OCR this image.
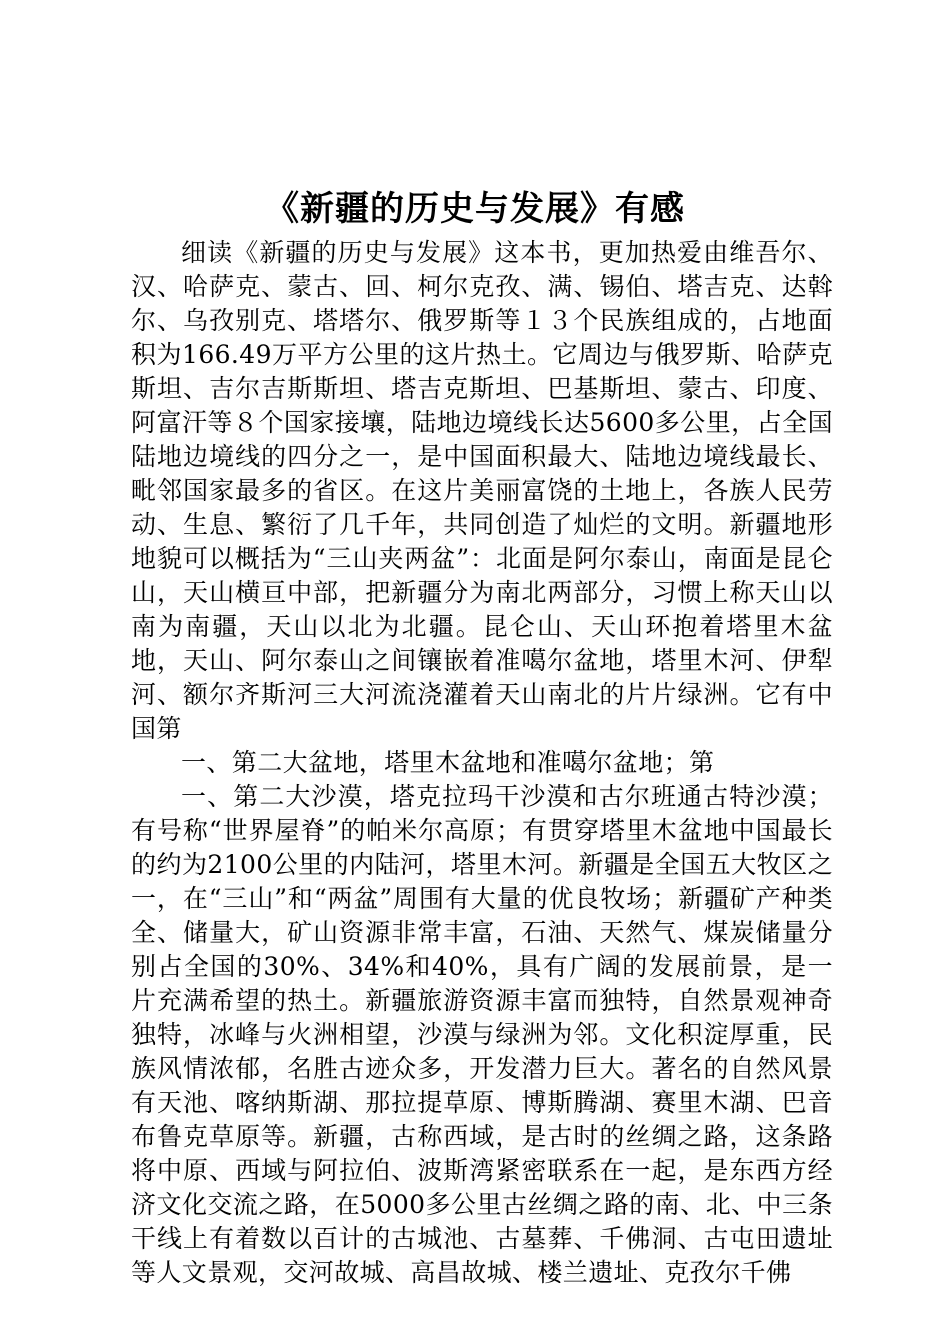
《新疆的历史与发展》有感

细读《新疆的历史与发展》这本书，更加热爱由维吾尔、汉、哈萨克、蒙古、回、柯尔克孜、满、锡伯、塔吉克、达斡尔、乌孜别克、塔塔尔、俄罗斯等１３个民族组成的，占地面积为166.49万平方公里的这片热土。它周边与俄罗斯、哈萨克斯坦、吉尔吉斯斯坦、塔吉克斯坦、巴基斯坦、蒙古、印度、阿富汗等８个国家接壤，陆地边境线长达5600多公里，占全国陆地边境线的四分之一，是中国面积最大、陆地边境线最长、毗邻国家最多的省区。在这片美丽富饶的土地上，各族人民劳动、生息、繁衍了几千年，共同创造了灿烂的文明。新疆地形地貌可以概括为“三山夹两盆”：北面是阿尔泰山，南面是昆仑山，天山横亘中部，把新疆分为南北两部分，习惯上称天山以南为南疆，天山以北为北疆。昆仑山、天山环抱着塔里木盆地，天山、阿尔泰山之间镶嵌着准噶尔盆地，塔里木河、伊犁河、额尔齐斯河三大河流浇灌着天山南北的片片绿洲。它有中国第

一、第二大盆地，塔里木盆地和准噶尔盆地；第

一、第二大沙漠，塔克拉玛干沙漠和古尔班通古特沙漠；有号称“世界屋脊”的帕米尔高原；有贯穿塔里木盆地中国最长的约为2100公里的内陆河，塔里木河。新疆是全国五大牧区之一，在“三山”和“两盆”周围有大量的优良牧场；新疆矿产种类全、储量大，矿山资源非常丰富，石油、天然气、煤炭储量分别占全国的30%、34%和40%，具有广阔的发展前景，是一片充满希望的热土。新疆旅游资源丰富而独特，自然景观神奇独特，冰峰与火洲相望，沙漠与绿洲为邻。文化积淀厚重，民族风情浓郁，名胜古迹众多，开发潜力巨大。著名的自然风景有天池、喀纳斯湖、那拉提草原、博斯腾湖、赛里木湖、巴音布鲁克草原等。新疆，古称西域，是古时的丝绸之路，这条路将中原、西域与阿拉伯、波斯湾紧密联系在一起，是东西方经济文化交流之路，在5000多公里古丝绸之路的南、北、中三条干线上有着数以百计的古城池、古墓葬、千佛洞、古屯田遗址等人文景观，交河故城、高昌故城、楼兰遗址、克孜尔千佛
